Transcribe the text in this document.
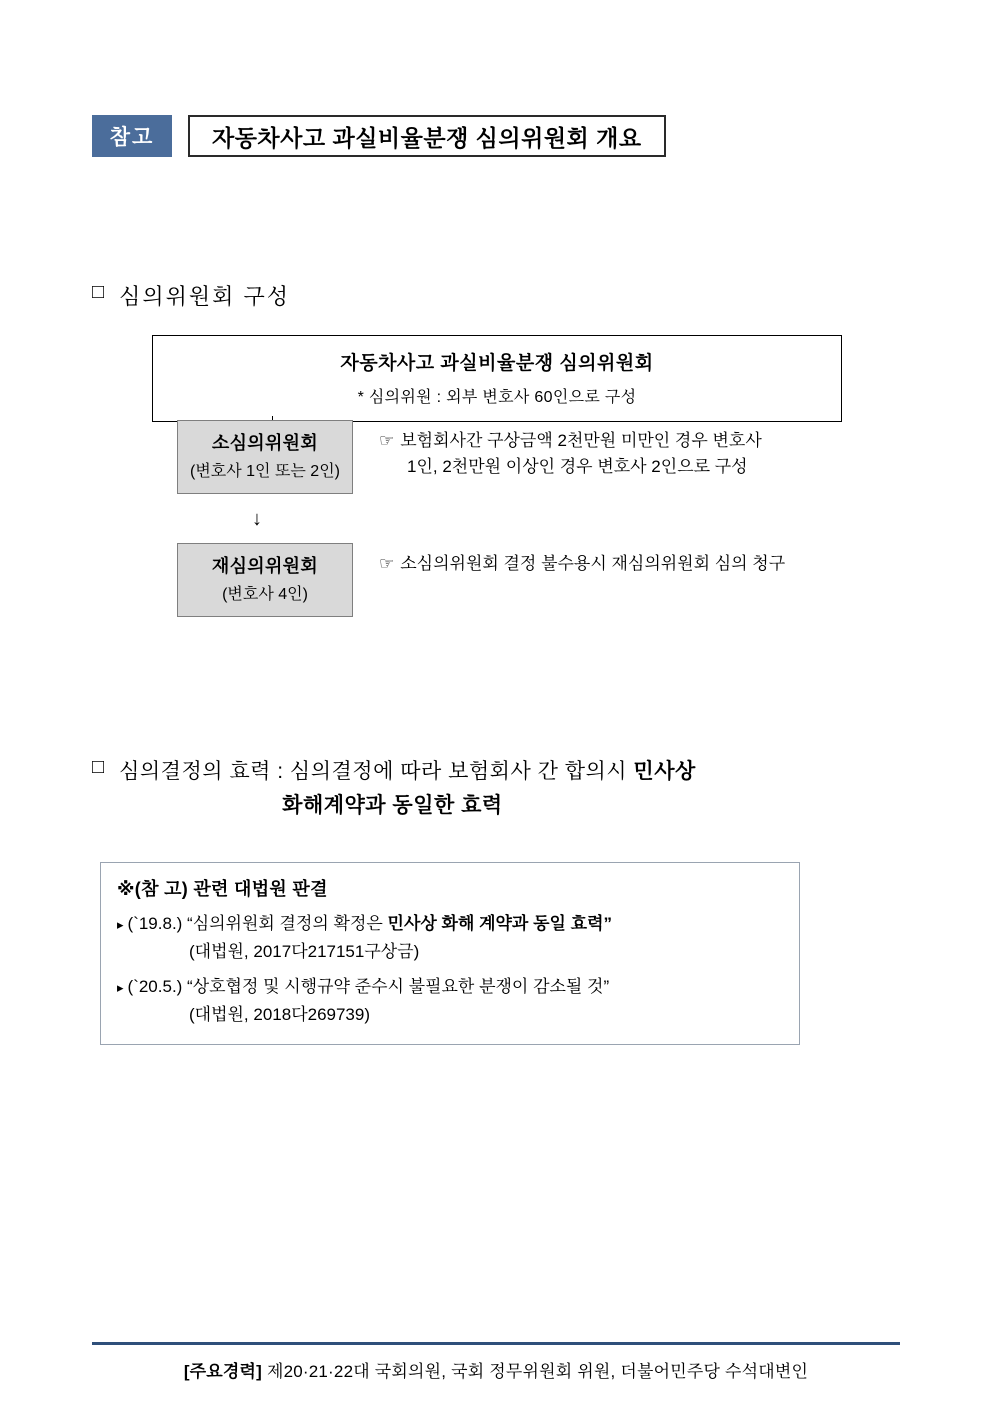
참고	자동차사고 과실비율분쟁 심의위원회 개요
□ 심의위원회 구성
자동차사고 과실비율분쟁 심의위원회
* 심의위원 : 외부 변호사 60인으로 구성
소심의위원회
(변호사 1인 또는 2인)
☞ 보험회사간 구상금액 2천만원 미만인 경우 변호사
1인, 2천만원 이상인 경우 변호사 2인으로 구성
↓
재심의위원회
(변호사 4인)
☞ 소심의위원회 결정 불수용시 재심의위원회 심의 청구
□ 심의결정의 효력 : 심의결정에 따라 보험회사 간 합의시 민사상
화해계약과 동일한 효력
※(참 고) 관련 대법원 판결
▸ (`19.8.) “심의위원회 결정의 확정은 민사상 화해 계약과 동일 효력”
(대법원, 2017다217151구상금)
▸ (`20.5.) “상호협정 및 시행규약 준수시 불필요한 분쟁이 감소될 것”
(대법원, 2018다269739)
[주요경력] 제20·21·22대 국회의원, 국회 정무위원회 위원, 더불어민주당 수석대변인
